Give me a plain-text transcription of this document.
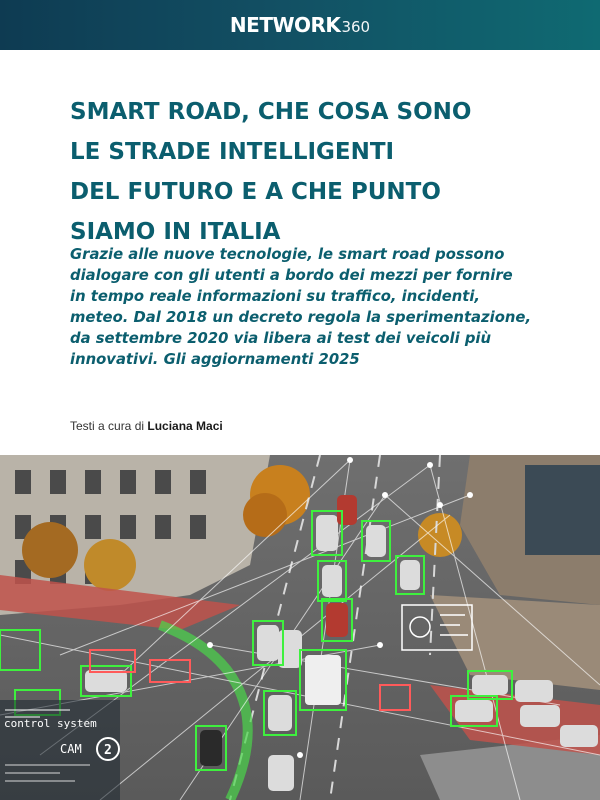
NETWORK 360
SMART ROAD, CHE COSA SONO
LE STRADE INTELLIGENTI
DEL FUTURO E A CHE PUNTO
SIAMO IN ITALIA

Grazie alle nuove tecnologie, le smart road possono
dialogare con gli utenti a bordo dei mezzi per fornire
in tempo reale informazioni su traffico, incidenti,
meteo. Dal 2018 un decreto regola la sperimentazione,
da settembre 2020 via libera ai test dei veicoli più
innovativi. Gli aggiornamenti 2025

Testi a cura di Luciana Maci

control system
CAM 2
